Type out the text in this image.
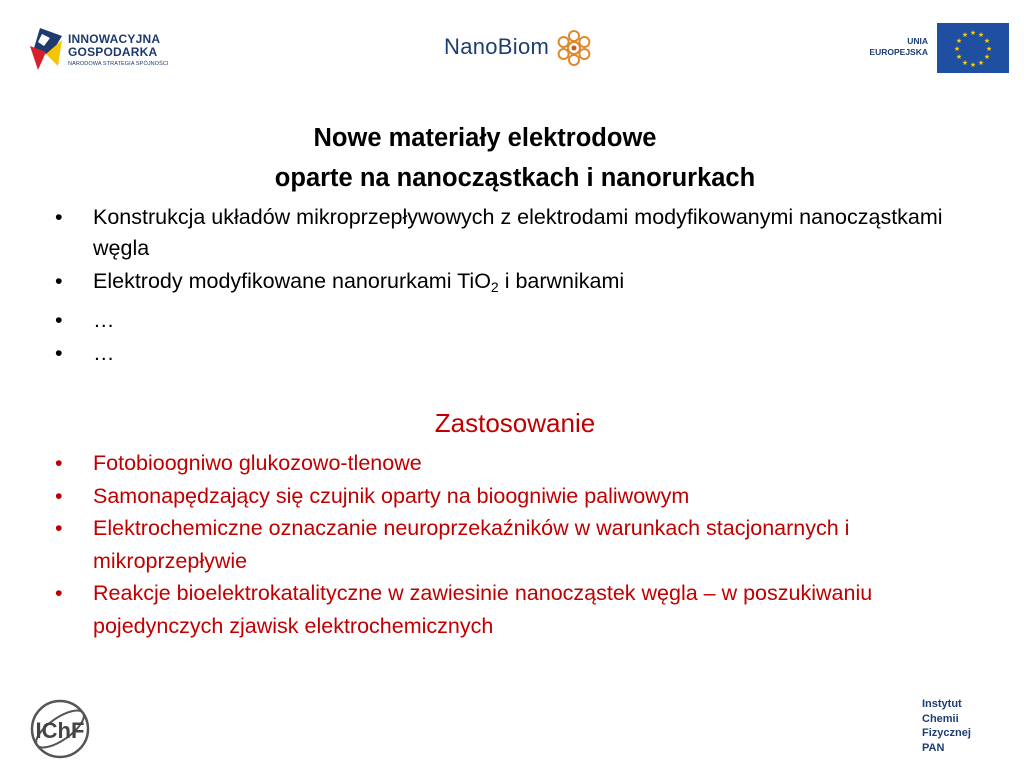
INNOWACYJNA
GOSPODARKA
NARODOWA STRATEGIA SPÓJNOŚCI
NanoBiom	UNIA
EUROPEJSKA
★ ★
★
★
★
★
★
★
★
★
★
★
Nowe materiały elektrodowe
oparte na nanocząstkach i nanorurkach
•	Konstrukcja układów mikroprzepływowych z elektrodami modyfikowanymi nanocząstkami węgla
•	Elektrody modyfikowane nanorurkami TiO$_2$ i barwnikami
•	…
•	…
Zastosowanie
•	Fotobioogniwo glukozowo-tlenowe
•	Samonapędzający się czujnik oparty na bioogniwie paliwowym
•	Elektrochemiczne oznaczanie neuroprzekaźników w warunkach stacjonarnych i mikroprzepływie
•	Reakcje bioelektrokatalityczne w zawiesinie nanocząstek węgla – w poszukiwaniu pojedynczych zjawisk elektrochemicznych
IChF
Instytut
Chemii
Fizycznej
PAN
